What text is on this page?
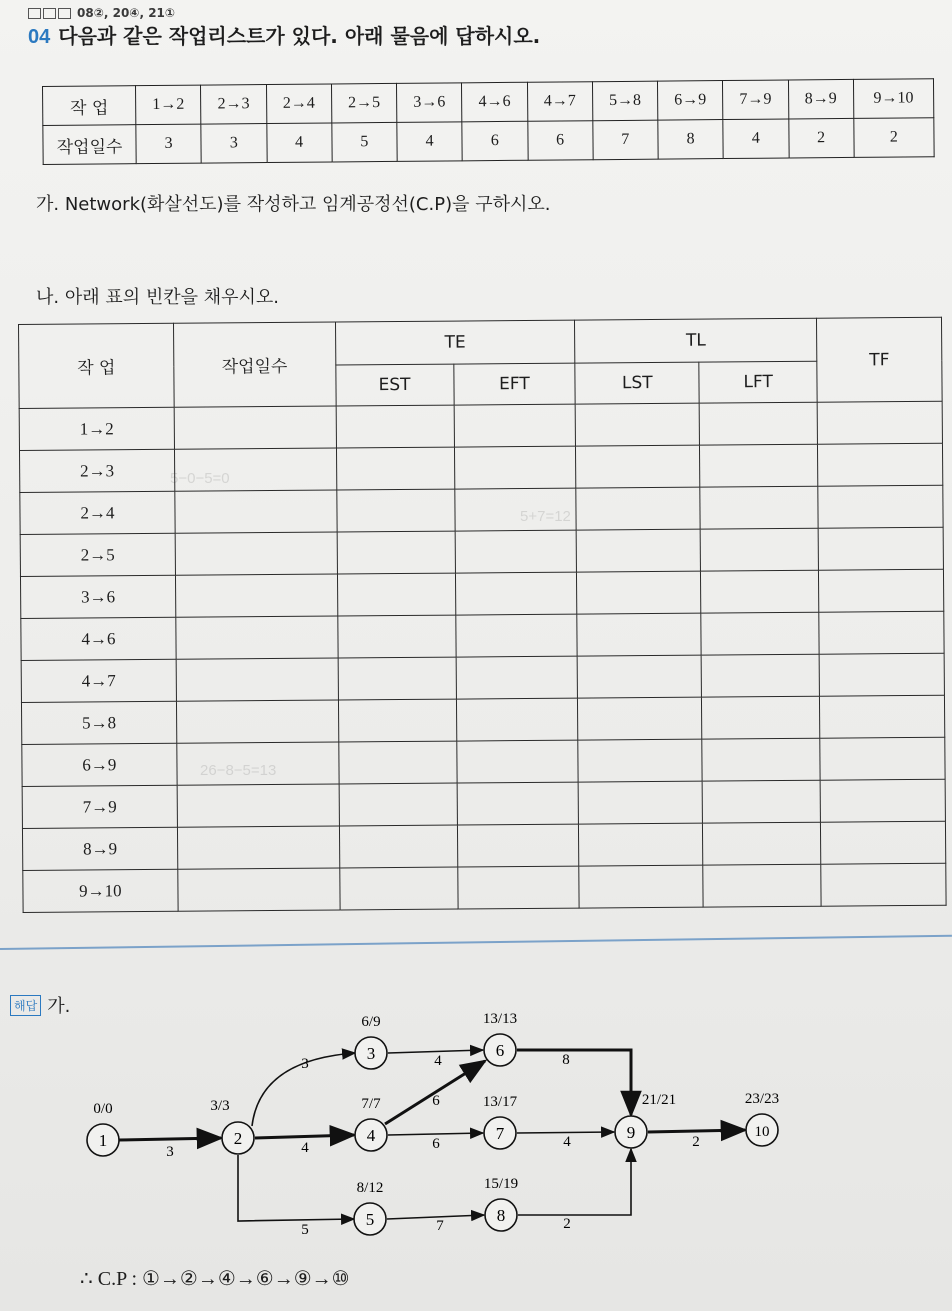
5−0−5=0
5+7=12
26−8−5=13
08②, 20④, 21①
04 다음과 같은 작업리스트가 있다. 아래 물음에 답하시오.
작 업	1→2	2→3	2→4	2→5	3→6	4→6	4→7	5→8	6→9	7→9	8→9	9→10
작업일수	3	3	4	5	4	6	6	7	8	4	2	2
가. Network(화살선도)를 작성하고 임계공정선(C.P)을 구하시오.
나. 아래 표의 빈칸을 채우시오.
작 업	작업일수	TE		TL		TF
		EST	EFT	LST	LFT	
1→2						
2→3						
2→4						
2→5						
3→6						
4→6						
4→7						
5→8						
6→9						
7→9						
8→9						
9→10						
해답 가.
3
3
4
5
4
6
6
7
8
4
2
2
1
0/0
2
3/3
3
6/9
4
7/7
5
8/12
6
13/13
7
13/17
8
15/19
9
21/21
10
23/23
∴ C.P : ①→②→④→⑥→⑨→⑩
